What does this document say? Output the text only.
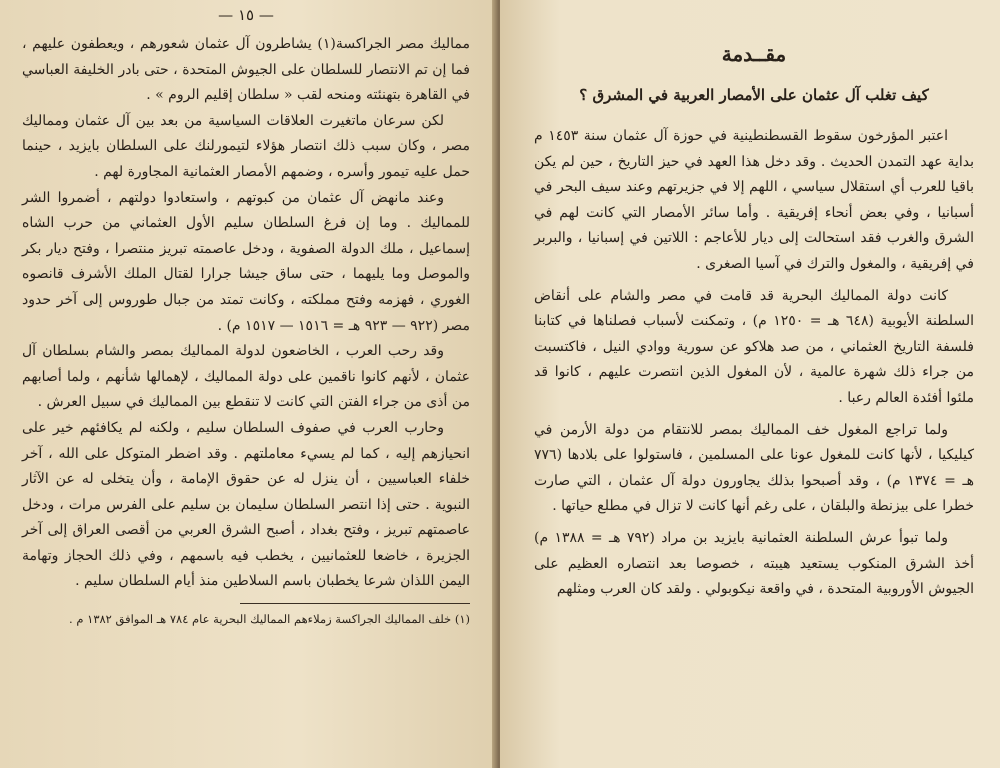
— ١٥ —

مماليك مصر الجراكسة(١) يشاطرون آل عثمان شعورهم ، ويعطفون عليهم ، فما إن تم الانتصار للسلطان على الجيوش المتحدة ، حتى بادر الخليفة العباسي في القاهرة بتهنئته ومنحه لقب « سلطان إقليم الروم » .

لكن سرعان ماتغيرت العلاقات السياسية من بعد بين آل عثمان ومماليك مصر ، وكان سبب ذلك انتصار هؤلاء لتيمورلنك على السلطان بايزيد ، حينما حمل عليه تيمور وأسره ، وضمهم الأمصار العثمانية المجاورة لهم .

وعند مانهض آل عثمان من كبوتهم ، واستعادوا دولتهم ، أضمروا الشر للمماليك . وما إن فرغ السلطان سليم الأول العثماني من حرب الشاه إسماعيل ، ملك الدولة الصفوية ، ودخل عاصمته تبريز منتصرا ، وفتح ديار بكر والموصل وما يليهما ، حتى ساق جيشا جرارا لقتال الملك الأشرف قانصوه الغوري ، فهزمه وفتح مملكته ، وكانت تمتد من جبال طوروس إلى آخر حدود مصر (٩٢٢ — ٩٢٣ هـ = ١٥١٦ — ١٥١٧ م) .

وقد رحب العرب ، الخاضعون لدولة المماليك بمصر والشام بسلطان آل عثمان ، لأنهم كانوا ناقمين على دولة المماليك ، لإهمالها شأنهم ، ولما أصابهم من أذى من جراء الفتن التي كانت لا تنقطع بين المماليك في سبيل العرش .

وحارب العرب في صفوف السلطان سليم ، ولكنه لم يكافئهم خير على انحيازهم إليه ، كما لم يسيء معاملتهم . وقد اضطر المتوكل على الله ، آخر خلفاء العباسيين ، أن ينزل له عن حقوق الإمامة ، وأن يتخلى له عن الآثار النبوية . حتى إذا انتصر السلطان سليمان بن سليم على الفرس مرات ، ودخل عاصمتهم تبريز ، وفتح بغداد ، أصبح الشرق العربي من أقصى العراق إلى آخر الجزيرة ، خاضعا للعثمانيين ، يخطب فيه باسمهم ، وفي ذلك الحجاز وتهامة اليمن اللذان شرعا يخطبان باسم السلاطين منذ أيام السلطان سليم .

(١) خلف المماليك الجراكسة زملاءهم المماليك البحرية عام ٧٨٤ هـ الموافق ١٣٨٢ م .

مقــدمة
كيف تغلب آل عثمان على الأمصار العربية في المشرق ؟

اعتبر المؤرخون سقوط القسطنطينية في حوزة آل عثمان سنة ١٤٥٣ م بداية عهد التمدن الحديث . وقد دخل هذا العهد في حيز التاريخ ، حين لم يكن باقيا للعرب أي استقلال سياسي ، اللهم إلا في جزيرتهم وعند سيف البحر في أسبانيا ، وفي بعض أنحاء إفريقية . وأما سائر الأمصار التي كانت لهم في الشرق والغرب فقد استحالت إلى ديار للأعاجم : اللاتين في إسبانيا ، والبربر في إفريقية ، والمغول والترك في آسيا الصغرى .

كانت دولة المماليك البحرية قد قامت في مصر والشام على أنقاض السلطنة الأيوبية (٦٤٨ هـ = ١٢٥٠ م) ، وتمكنت لأسباب فصلناها في كتابنا فلسفة التاريخ العثماني ، من صد هلاكو عن سورية ووادي النيل ، فاكتسبت من جراء ذلك شهرة عالمية ، لأن المغول الذين انتصرت عليهم ، كانوا قد ملئوا أفئدة العالم رعبا .

ولما تراجع المغول خف المماليك بمصر للانتقام من دولة الأرمن في كيليكيا ، لأنها كانت للمغول عونا على المسلمين ، فاستولوا على بلادها (٧٧٦ هـ = ١٣٧٤ م) ، وقد أصبحوا بذلك يجاورون دولة آل عثمان ، التي صارت خطرا على بيزنطة والبلقان ، على رغم أنها كانت لا تزال في مطلع حياتها .

ولما تبوأ عرش السلطنة العثمانية بايزيد بن مراد (٧٩٢ هـ = ١٣٨٨ م) أخذ الشرق المنكوب يستعيد هيبته ، خصوصا بعد انتصاره العظيم على الجيوش الأوروبية المتحدة ، في واقعة نيكوبولي . ولقد كان العرب ومثلهم
